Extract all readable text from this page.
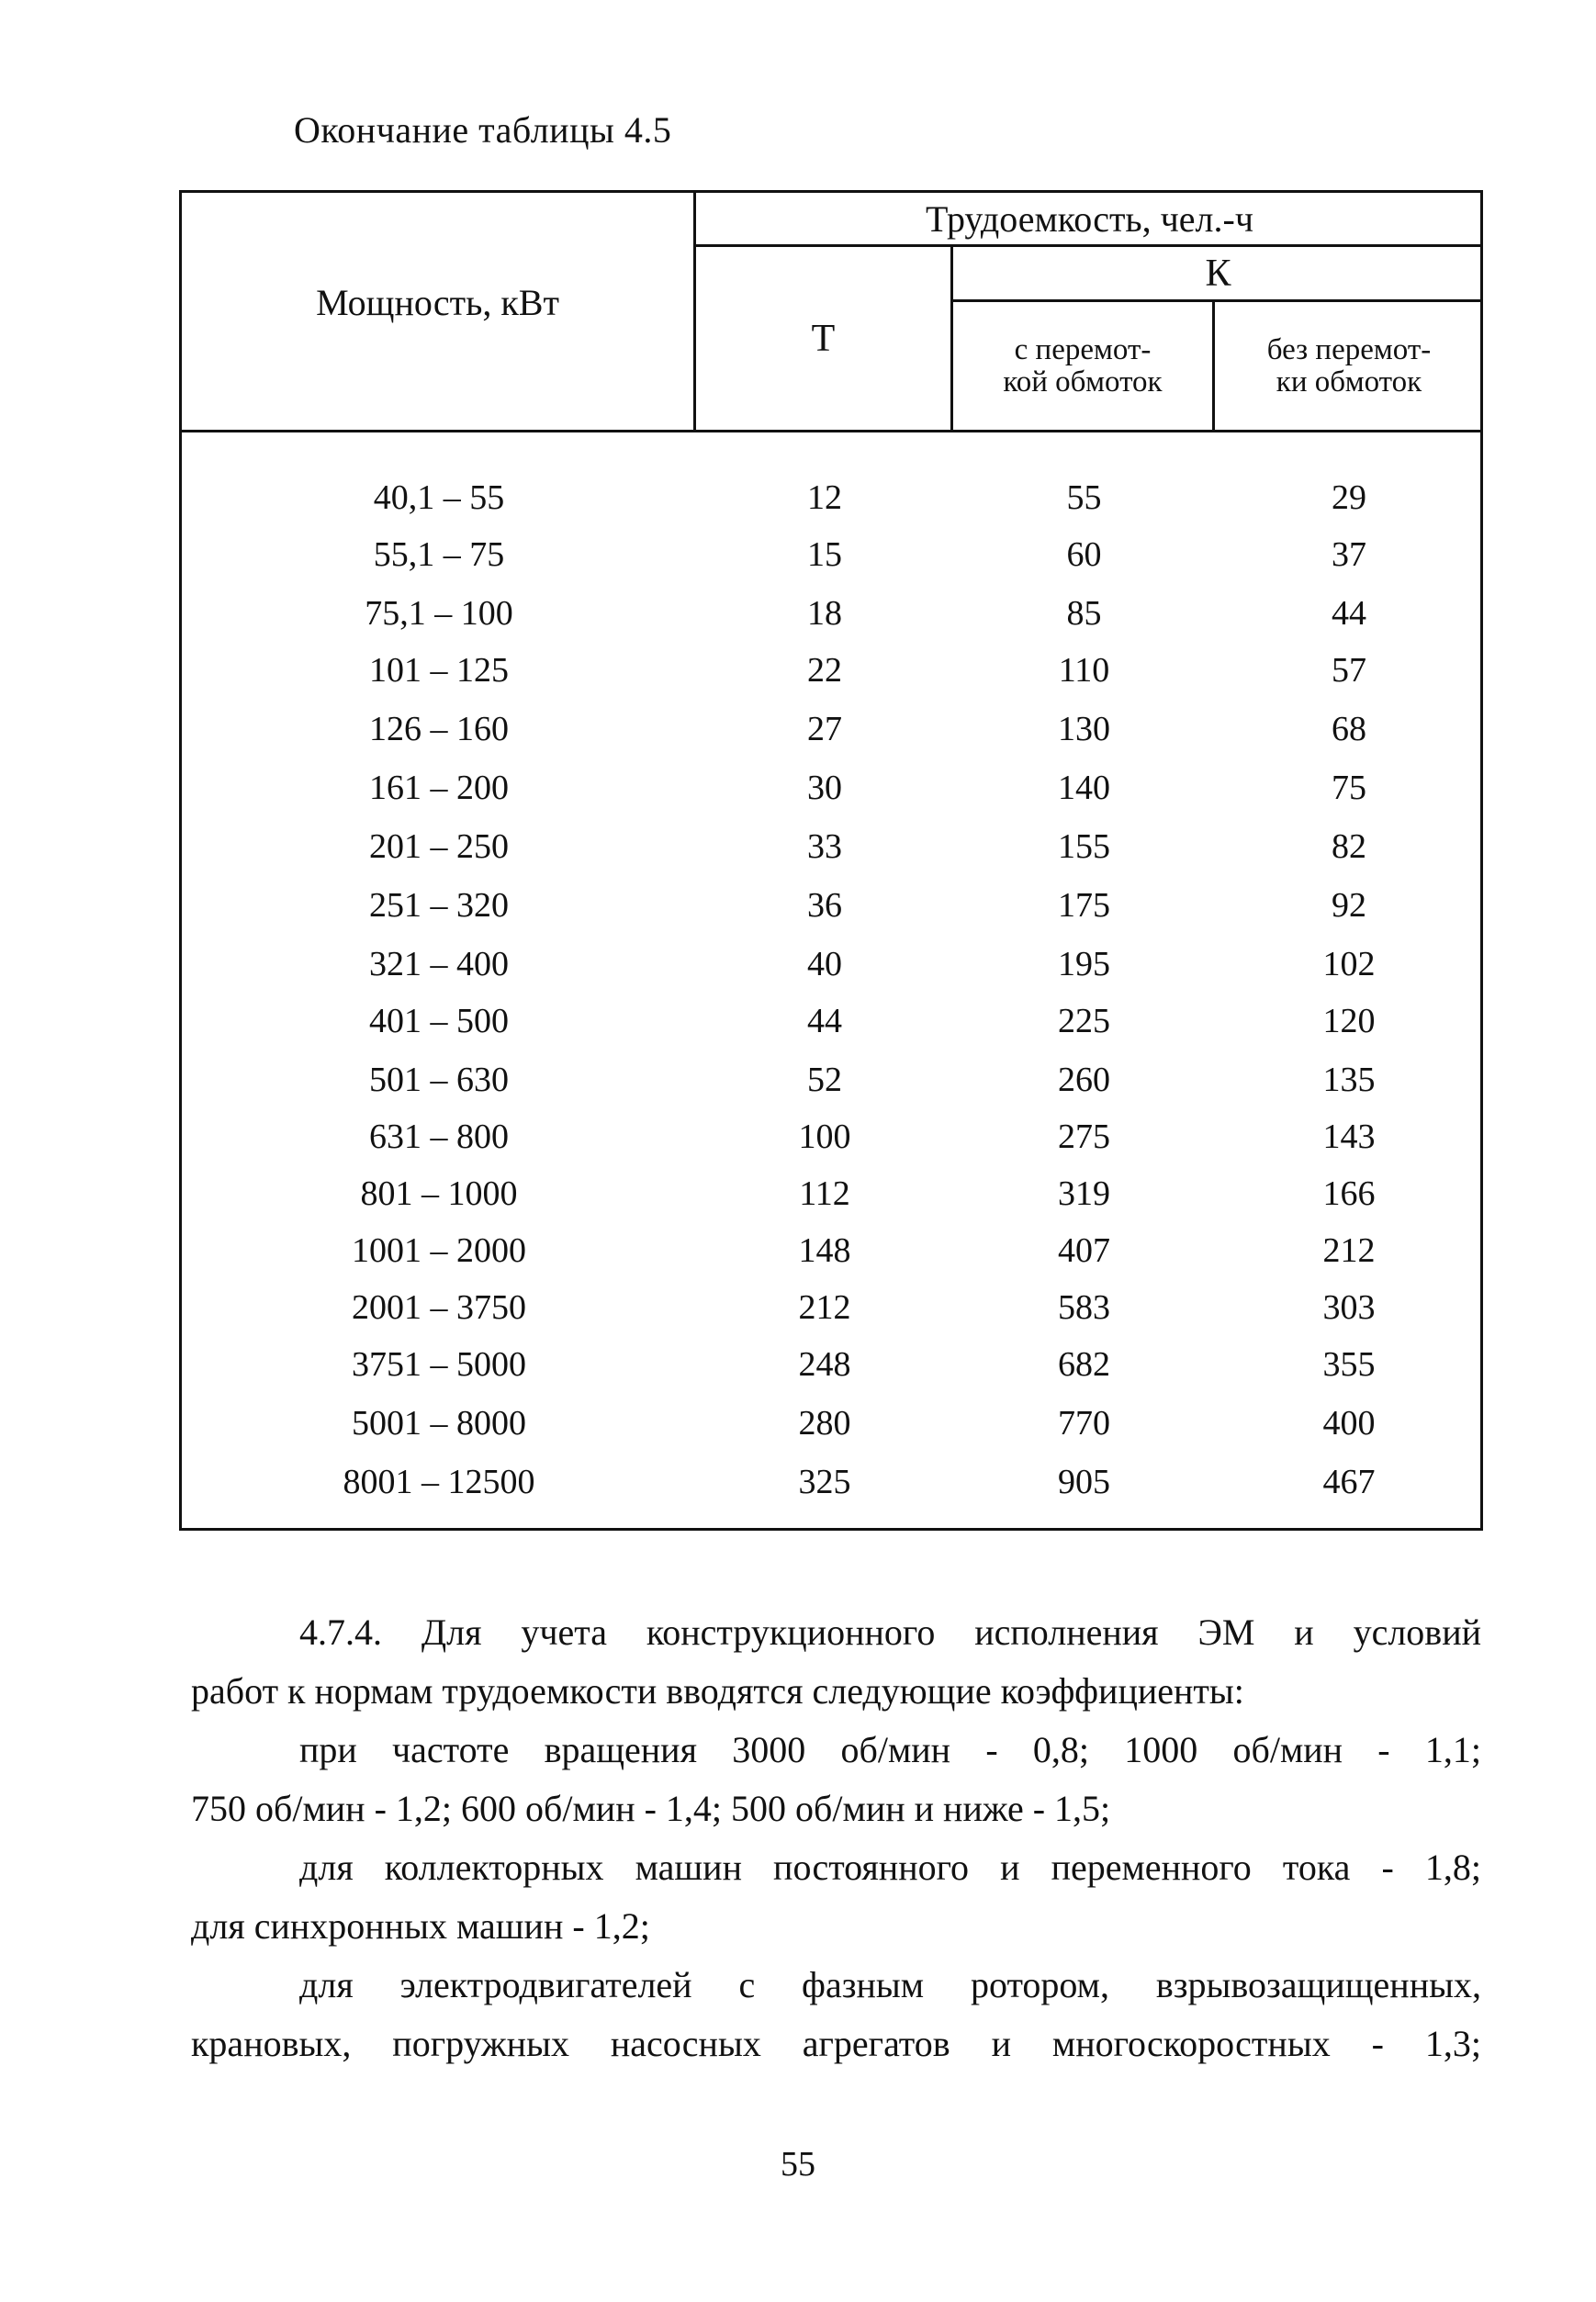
Окончание таблицы 4.5
Мощность, кВт
Трудоемкость, чел.-ч
Т
К
с перемот-
кой обмоток
без перемот-
ки обмоток
40,1 – 55	12	55	29
55,1 – 75	15	60	37
75,1 – 100	18	85	44
101 – 125	22	110	57
126 – 160	27	130	68
161 – 200	30	140	75
201 – 250	33	155	82
251 – 320	36	175	92
321 – 400	40	195	102
401 – 500	44	225	120
501 – 630	52	260	135
631 – 800	100	275	143
801 – 1000	112	319	166
1001 – 2000	148	407	212
2001 – 3750	212	583	303
3751 – 5000	248	682	355
5001 – 8000	280	770	400
8001 – 12500	325	905	467
4.7.4. Для учета конструкционного исполнения ЭМ и условий
работ к нормам трудоемкости вводятся следующие коэффициенты:
при частоте вращения 3000 об/мин - 0,8; 1000 об/мин - 1,1;
750 об/мин - 1,2; 600 об/мин - 1,4; 500 об/мин и ниже - 1,5;
для коллекторных машин постоянного и переменного тока - 1,8;
для синхронных машин - 1,2;
для электродвигателей с фазным ротором, взрывозащищенных,
крановых, погружных насосных агрегатов и многоскоростных - 1,3;
55
